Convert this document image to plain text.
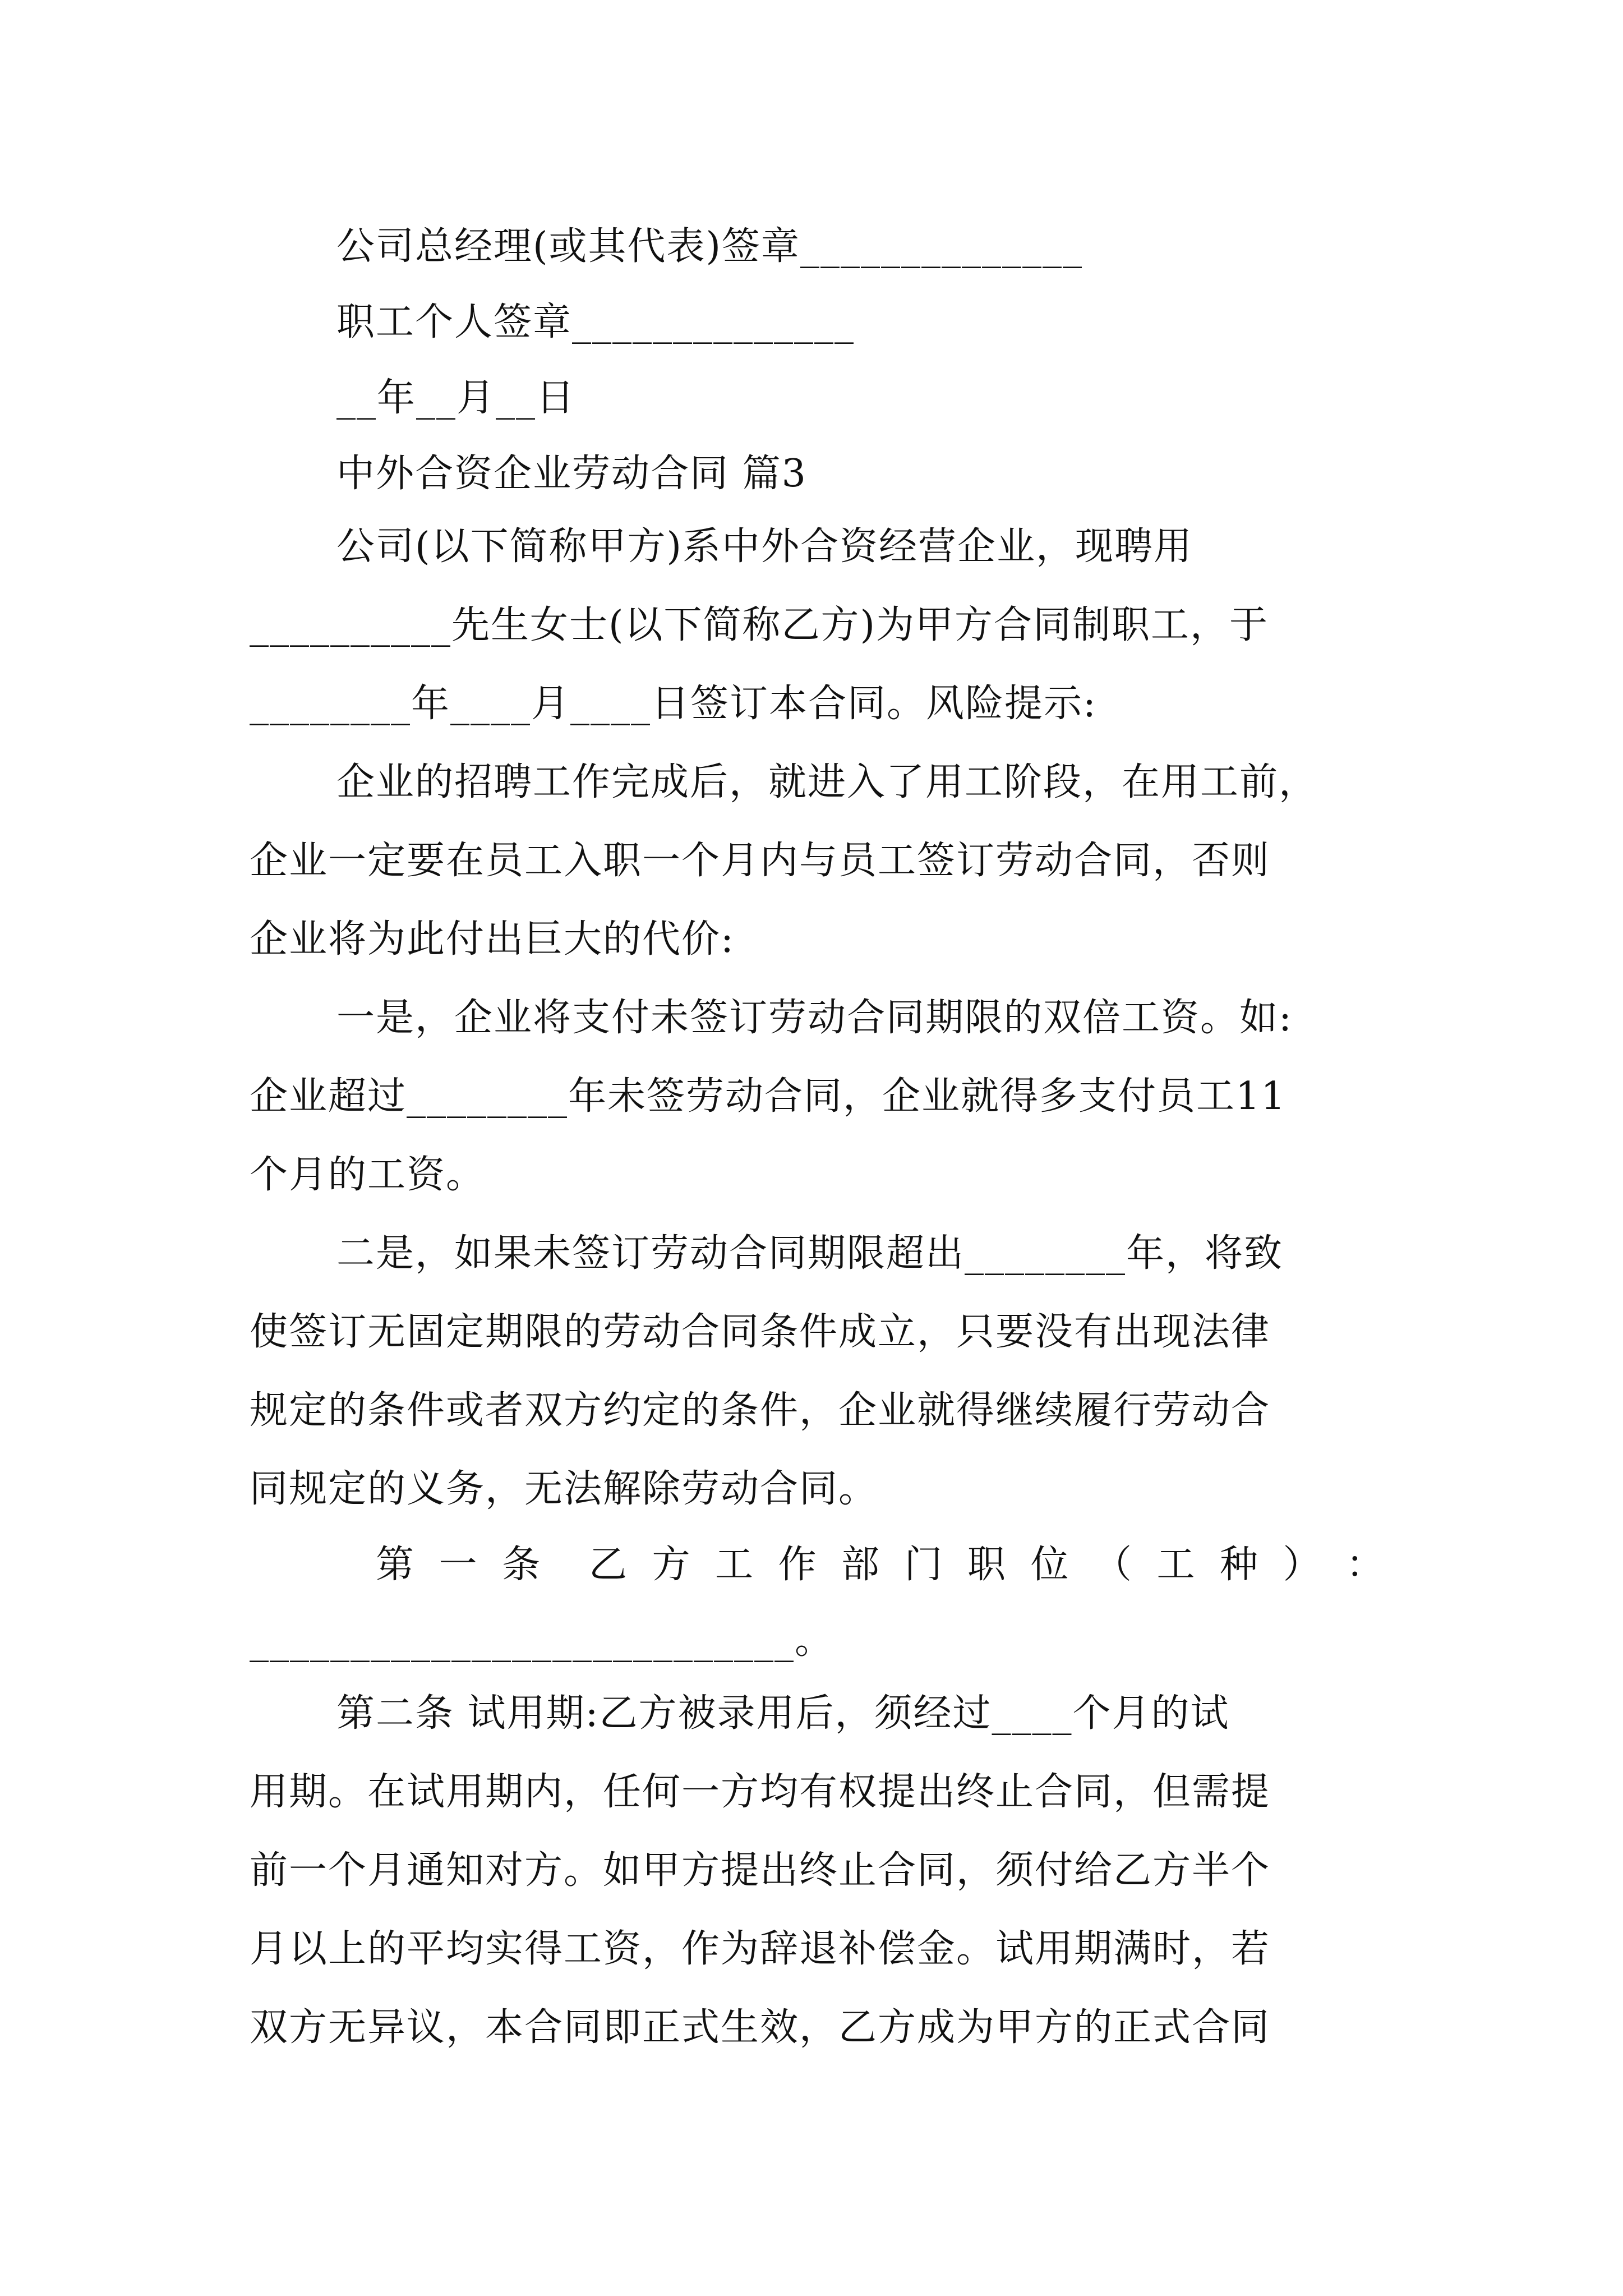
公司总经理(或其代表)签章______________
职工个人签章______________
__年__月__日
中外合资企业劳动合同 篇3
公司(以下简称甲方)系中外合资经营企业，现聘用
__________先生女士(以下简称乙方)为甲方合同制职工，于
________年____月____日签订本合同。风险提示:
企业的招聘工作完成后，就进入了用工阶段，在用工前，
企业一定要在员工入职一个月内与员工签订劳动合同，否则
企业将为此付出巨大的代价:
一是，企业将支付未签订劳动合同期限的双倍工资。如:
企业超过________年未签劳动合同，企业就得多支付员工11
个月的工资。
二是，如果未签订劳动合同期限超出________年，将致
使签订无固定期限的劳动合同条件成立，只要没有出现法律
规定的条件或者双方约定的条件，企业就得继续履行劳动合
同规定的义务，无法解除劳动合同。
第 一 条 乙 方 工 作 部 门 职 位 （ 工 种 ） ：
___________________________。
第二条 试用期:乙方被录用后，须经过____个月的试
用期。在试用期内，任何一方均有权提出终止合同，但需提
前一个月通知对方。如甲方提出终止合同，须付给乙方半个
月以上的平均实得工资，作为辞退补偿金。试用期满时，若
双方无异议，本合同即正式生效，乙方成为甲方的正式合同
